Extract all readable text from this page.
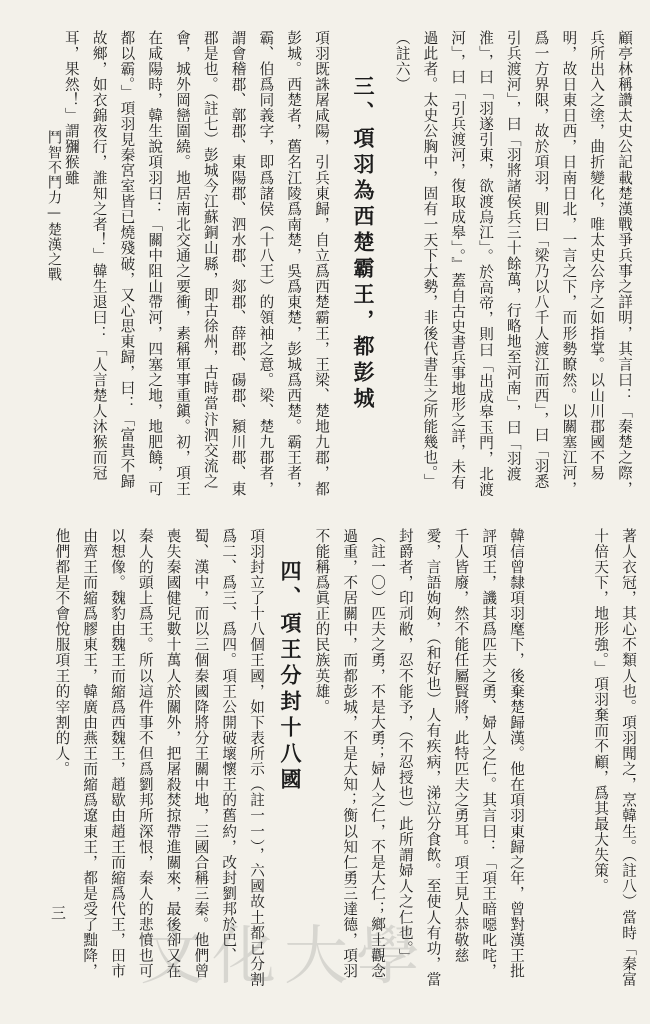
顧亭林稱讚太史公記載楚漢戰爭兵事之詳明，其言曰：「秦楚之際，兵所出入之塗，曲折變化，唯太史公序之如指掌。以山川郡國不易明，故日東日西，日南日北，一言之下，而形勢瞭然。以關塞江河，爲一方界限，故於項羽，則曰「梁乃以八千人渡江而西」，曰「羽悉引兵渡河」，曰「羽將諸侯兵三十餘萬，行略地至河南」，曰「羽渡淮」，曰「羽遂引東，欲渡烏江」。於高帝，則曰「出成皋玉門，北渡河」，曰「引兵渡河，復取成皋」。』蓋自古史書兵事地形之詳，未有過此者。太史公胸中，固有一天下大勢，非後代書生之所能幾也。」（註六）
三、項羽為西楚霸王，都彭城
項羽既誅屠咸陽，引兵東歸，自立爲西楚霸王，王梁、楚地九郡，都彭城。西楚者，舊名江陵爲南楚，吳爲東楚，彭城爲西楚。霸王者，霸、伯爲同義字，即爲諸侯（十八王）的領袖之意。梁、楚九郡者，謂會稽郡、鄣郡、東陽郡、泗水郡、郯郡、薛郡、碭郡、潁川郡、東郡是也。（註七）彭城今江蘇銅山縣，即古徐州，古時當汴泗交流之會，城外岡巒圍繞。地居南北交通之要衝，素稱軍事重鎭。初，項王在咸陽時，韓生說項羽曰：「關中阻山帶河，四塞之地，地肥饒，可都以霸。」項羽見秦宮室皆已燒殘破，又心思東歸，曰：「富貴不歸故鄉，如衣錦夜行，誰知之者！」韓生退曰：「人言楚人沐猴而冠耳，果然！」謂獼猴雖
鬥智不鬥力—楚漢之戰
著人衣冠，其心不類人也。項羽聞之，烹韓生。（註八）當時「秦富十倍天下，地形強。」項羽棄而不顧，爲其最大失策。
韓信曾隸項羽麾下，後棄楚歸漢。他在項羽東歸之年，曾對漢王批評項王，譏其爲匹夫之勇、婦人之仁。其言曰：「項王暗噁叱咤，千人皆廢，然不能任屬賢將，此特匹夫之勇耳。項王見人恭敬慈愛，言語姁姁，（和好也）人有疾病，涕泣分食飲。至使人有功，當封爵者，印刓敝，忍不能予，（不忍授也）此所謂婦人之仁也。」（註一〇）匹夫之勇，不是大勇；婦人之仁，不是大仁；鄉土觀念過重，不居關中，而都彭城，不是大知；衡以知仁勇三達德，項羽不能稱爲眞正的民族英雄。
四、項王分封十八國
項羽封立了十八個王國，如下表所示（註一一），六國故土都已分割爲二、爲三、爲四。項王公開破壞懷王的舊約，改封劉邦於巴、蜀、漢中，而以三個秦國降將分王關中地，三國合稱三秦。他們曾喪失秦國健兒數十萬人於關外，把屠殺焚掠帶進關來，最後卻又在秦人的頭上爲王。所以這件事不但爲劉邦所深恨，秦人的悲憤也可以想像。魏豹由魏王而縮爲西魏王，趙歇由趙王而縮爲代王，田市由齊王而縮爲膠東王，韓廣由燕王而縮爲遼東王，都是受了黜降，他們都是不會悅服項王的宰割的人。
三
文化大學
